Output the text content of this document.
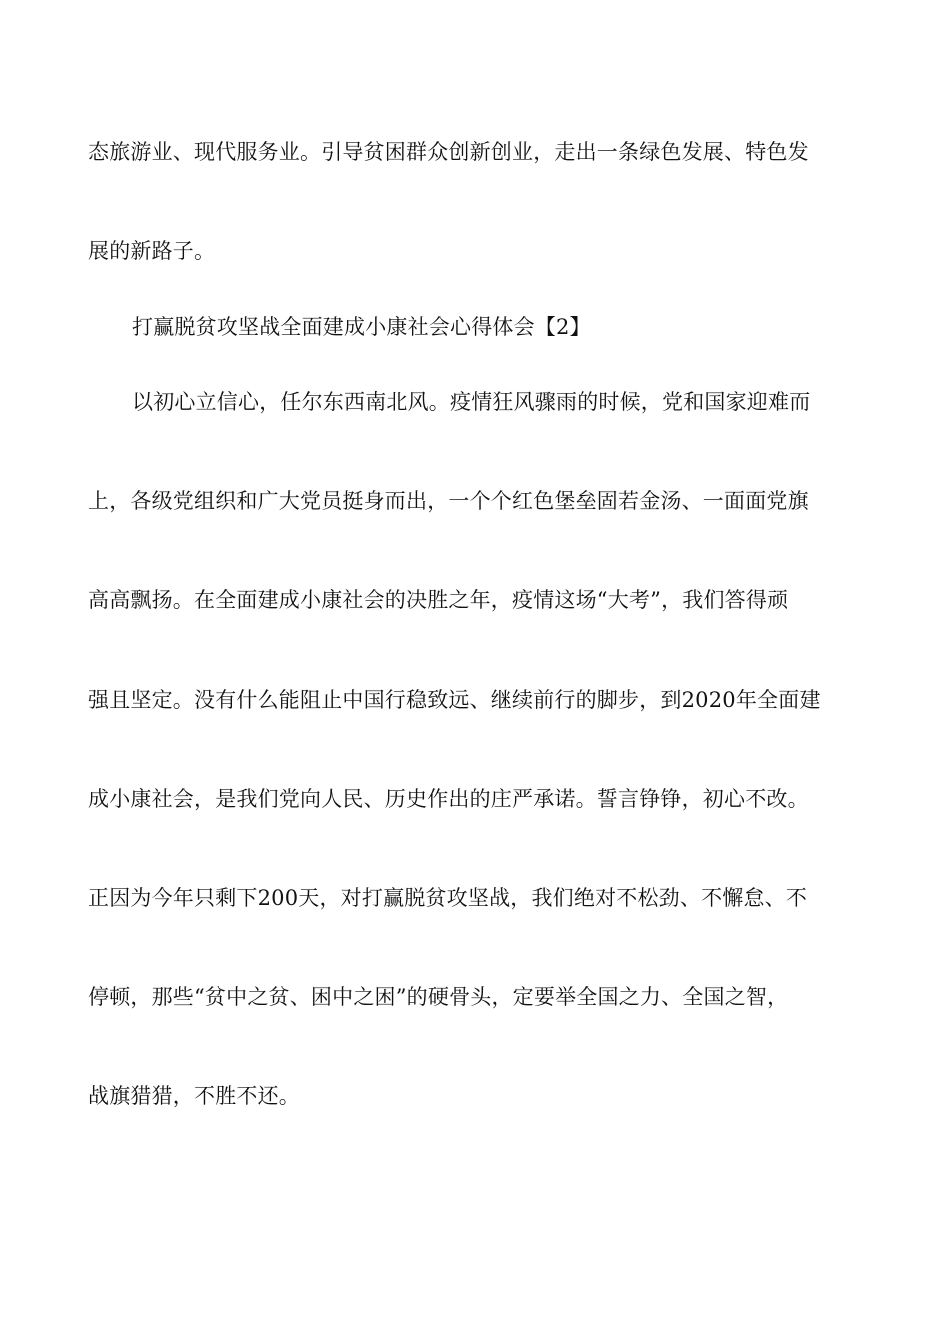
态旅游业、现代服务业。引导贫困群众创新创业，走出一条绿色发展、特色发
展的新路子。
打赢脱贫攻坚战全面建成小康社会心得体会【2】
以初心立信心，任尔东西南北风。疫情狂风骤雨的时候，党和国家迎难而
上，各级党组织和广大党员挺身而出，一个个红色堡垒固若金汤、一面面党旗
高高飘扬。在全面建成小康社会的决胜之年，疫情这场“大考”，我们答得顽
强且坚定。没有什么能阻止中国行稳致远、继续前行的脚步，到2020年全面建
成小康社会，是我们党向人民、历史作出的庄严承诺。誓言铮铮，初心不改。
正因为今年只剩下200天，对打赢脱贫攻坚战，我们绝对不松劲、不懈怠、不
停顿，那些“贫中之贫、困中之困”的硬骨头，定要举全国之力、全国之智，
战旗猎猎，不胜不还。
